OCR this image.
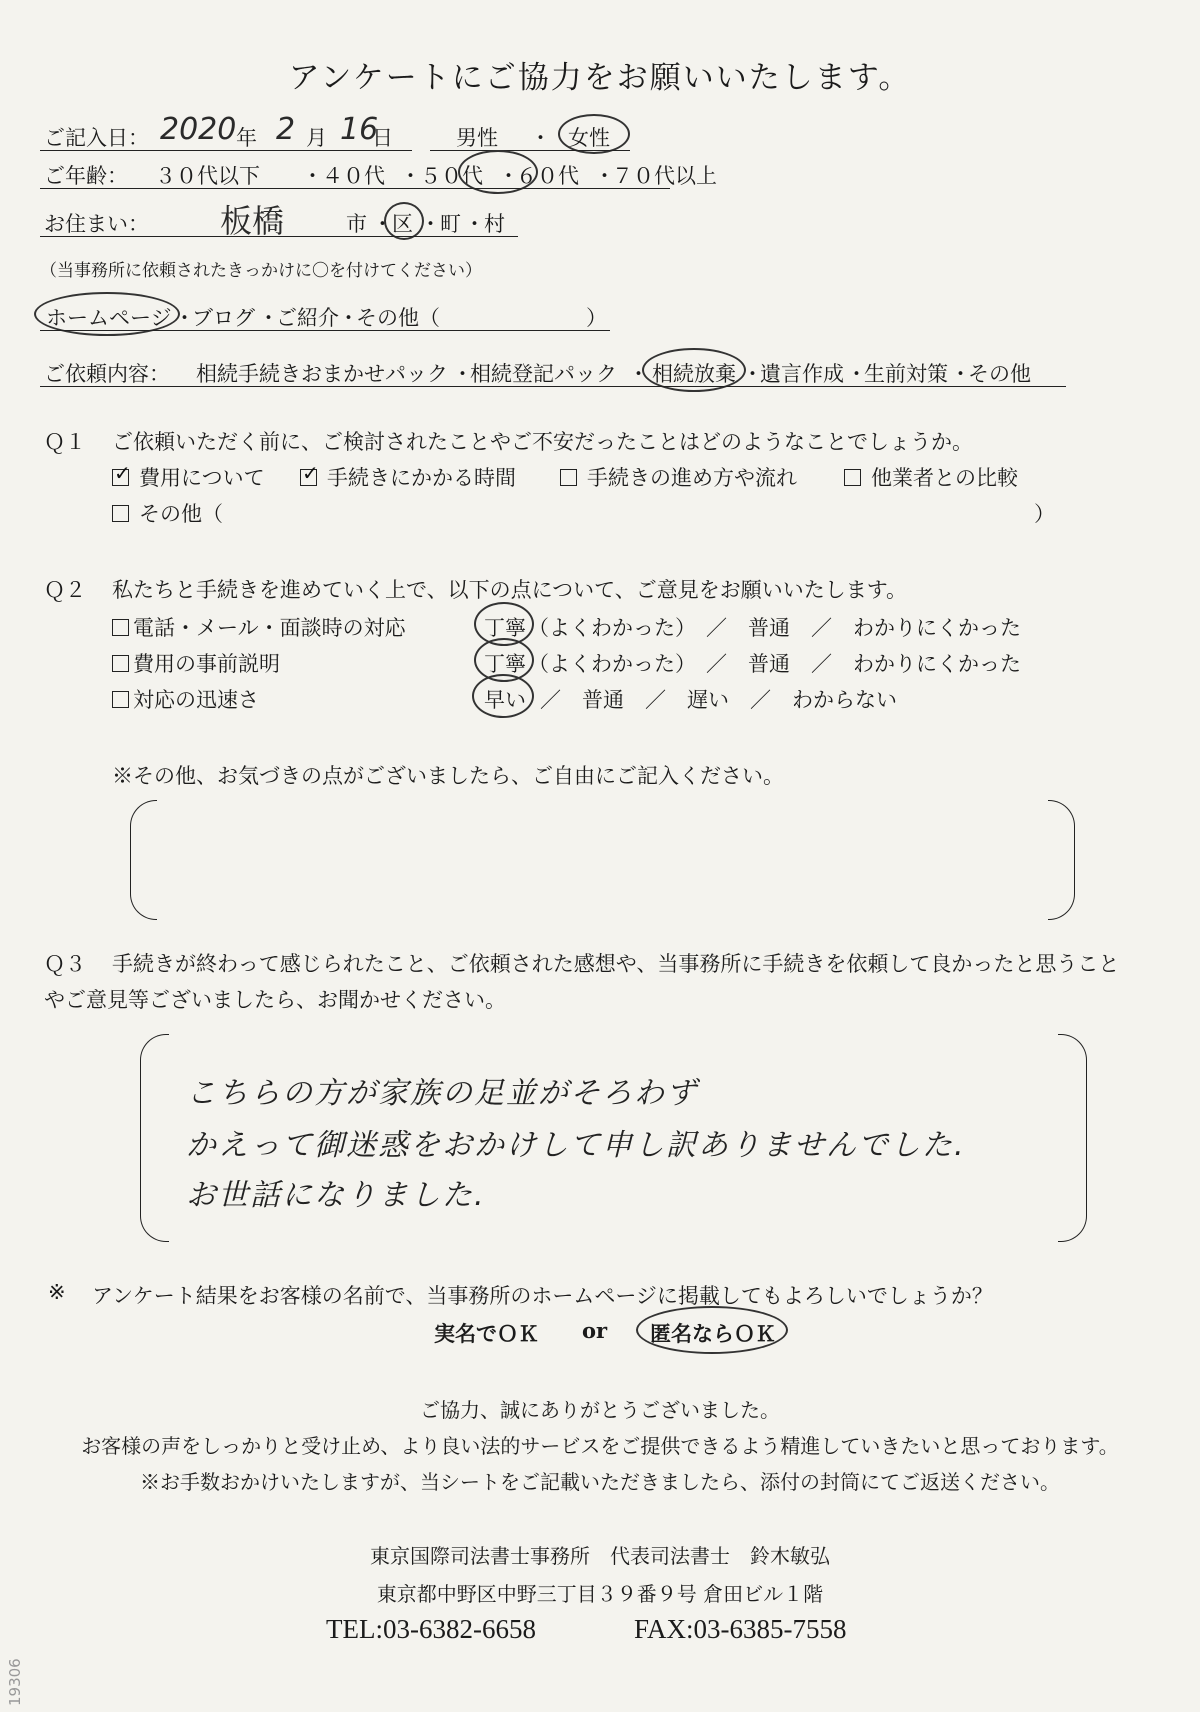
アンケートにご協力をお願いいたします。
ご記入日： 2020 年 2 月 16
日	男性 ・ 女性
ご年齢： ３０代以下 ・ ４０代 ・ ５０代 ・
６０代 ・
７０代以上
お住まい： 板橋	市 ・ 区 ・ 町 ・ 村
（当事務所に依頼されたきっかけに〇を付けてください）
ホームページ ・
ブログ ・
ご紹介 ・
その他（	）
ご依頼内容： 相続手続きおまかせパック ・
相続登記パック ・ 相続放棄 ・
遺言作成 ・
生前対策 ・
その他
Ｑ１ ご依頼いただく前に、ご検討されたことやご不安だったことはどのようなことでしょうか。
✓費用について
✓	手続きにかかる時間	手続きの進め方や流れ	他業者との比較
その他（	）
Ｑ２ 私たちと手続きを進めていく上で、以下の点について、ご意見をお願いいたします。
電話・メール・面談時の対応	丁寧 （よくわかった） ／　普通　／　わかりにくかった
費用の事前説明	丁寧 （よくわかった） ／　普通　／　わかりにくかった
対応の迅速さ	早い ／　普通　／　遅い　／　わからない
※その他、お気づきの点がございましたら、ご自由にご記入ください。
Ｑ３ 手続きが終わって感じられたこと、ご依頼された感想や、当事務所に手続きを依頼して良かったと思うこと
やご意見等ございましたら、お聞かせください。
こちらの方が家族の足並がそろわず
かえって御迷惑をおかけして申し訳ありませんでした.
お世話になりました.
※ アンケート結果をお客様の名前で、当事務所のホームページに掲載してもよろしいでしょうか？
実名でＯＫ or 匿名ならＯＫ
ご協力、誠にありがとうございました。
お客様の声をしっかりと受け止め、より良い法的サービスをご提供できるよう精進していきたいと思っております。
※お手数おかけいたしますが、当シートをご記載いただきましたら、添付の封筒にてご返送ください。
東京国際司法書士事務所　代表司法書士　鈴木敏弘
東京都中野区中野三丁目３９番９号 倉田ビル１階
TEL:03-6382-6658	FAX:03-6385-7558
19306
